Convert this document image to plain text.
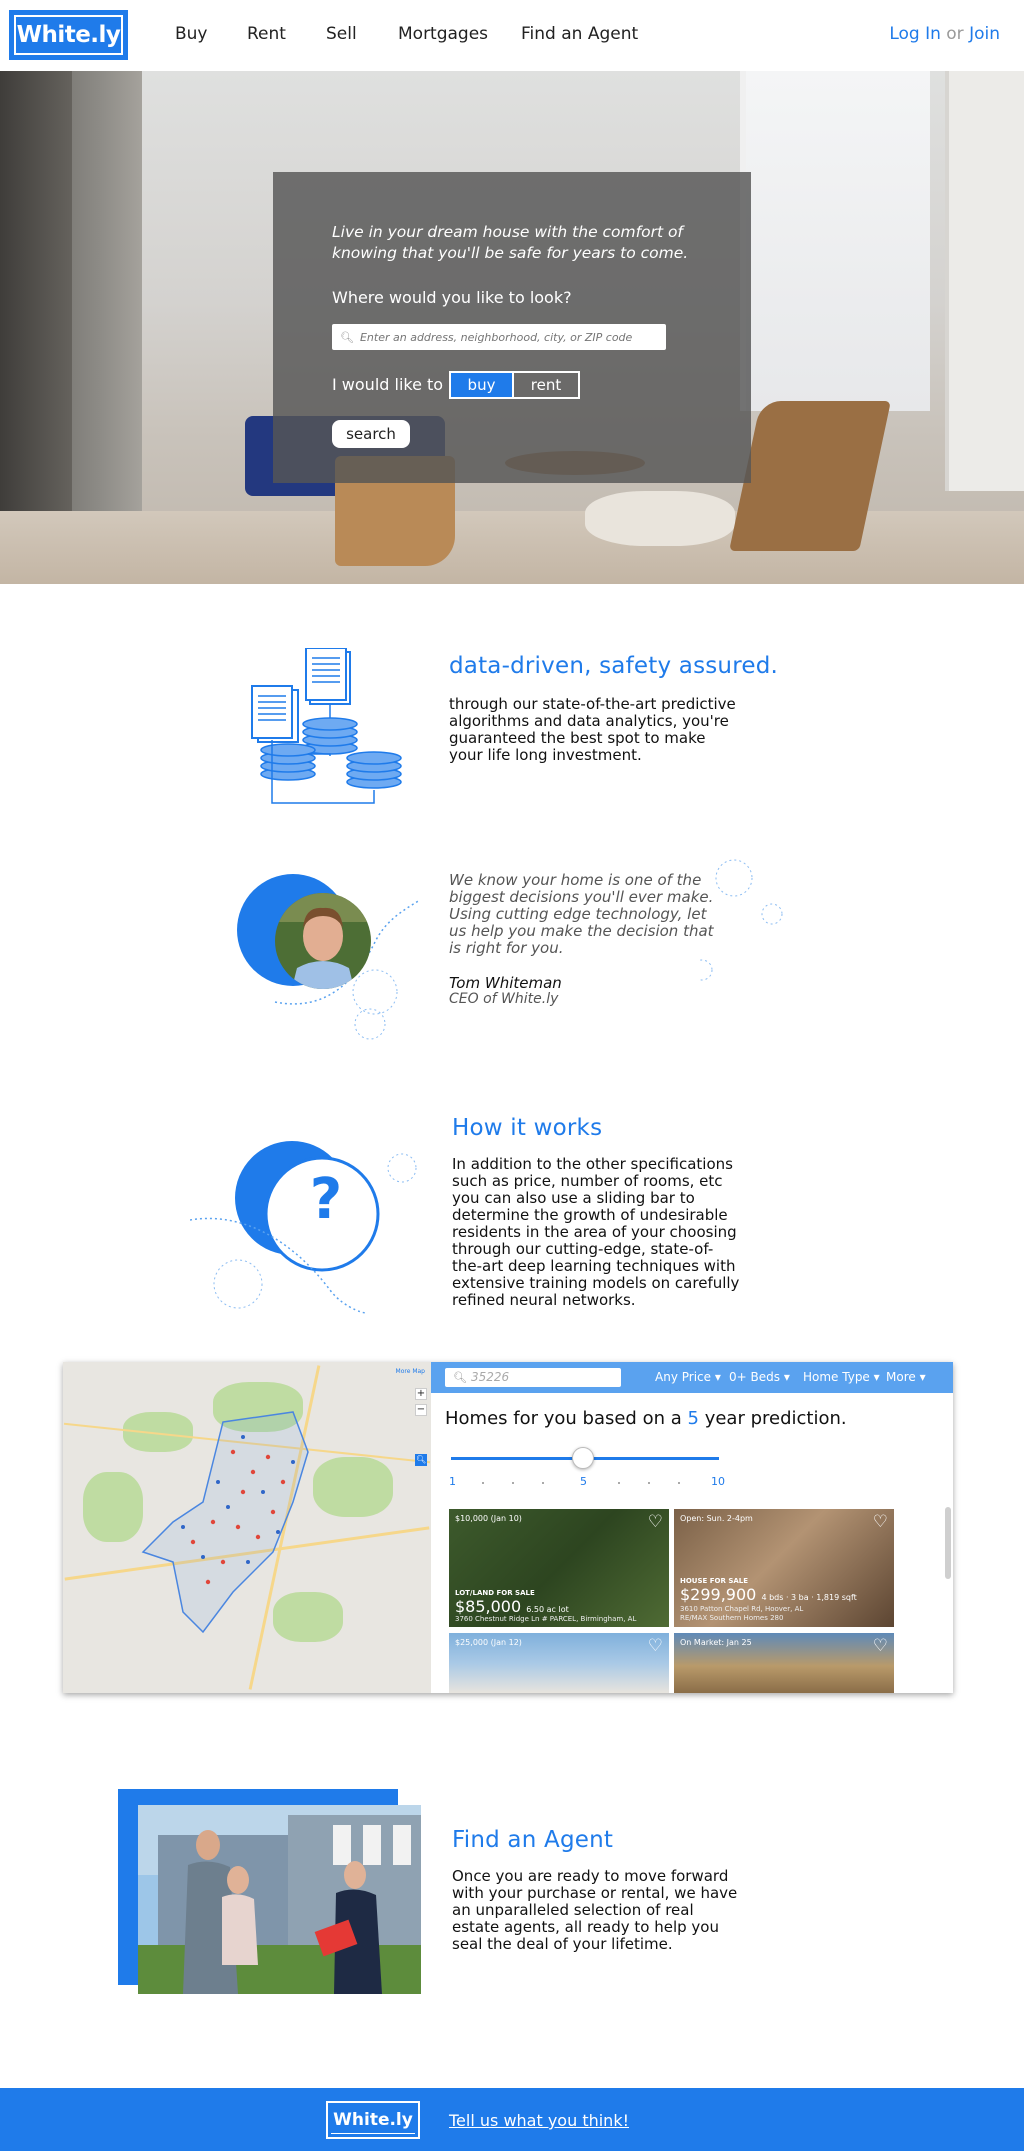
White.ly	Buy Rent Sell Mortgages Find an Agent	Log In or Join
Live in your dream house with the comfort of knowing that you'll be safe for years to come.
Where would you like to look?
🔍︎
Enter an address, neighborhood, city, or ZIP code
I would like to	buy	rent
search
data-driven, safety assured.
through our state-of-the-art predictive algorithms and data analytics, you're guaranteed the best spot to make your life long investment.
We know your home is one of the biggest decisions you'll ever make. Using cutting edge technology, let us help you make the decision that is right for you.
Tom Whiteman
CEO of White.ly
?
How it works
In addition to the other specifications such as price, number of rooms, etc you can also use a sliding bar to determine the growth of undesirable residents in the area of your choosing through our cutting-edge, state-of-the-art deep learning techniques with extensive training models on carefully refined neural networks.
More Map
+
−
🔍︎
🔍︎ 35226	Any Price ▾ 0+ Beds ▾ Home Type ▾ More ▾
Homes for you based on a 5 year prediction.
1	5	10
$10,000 (Jan 10)	♡
LOT/LAND FOR SALE
$85,000 6.50 ac lot
3760 Chestnut Ridge Ln # PARCEL, Birmingham, AL
Open: Sun. 2-4pm	♡
HOUSE FOR SALE
$299,900 4 bds · 3 ba · 1,819 sqft
3610 Patton Chapel Rd, Hoover, AL
RE/MAX Southern Homes 280
$25,000 (Jan 12)	♡ On Market: Jan 25	♡
Find an Agent
Once you are ready to move forward with your purchase or rental, we have an unparalleled selection of real estate agents, all ready to help you seal the deal of your lifetime.
White.ly Tell us what you think!
